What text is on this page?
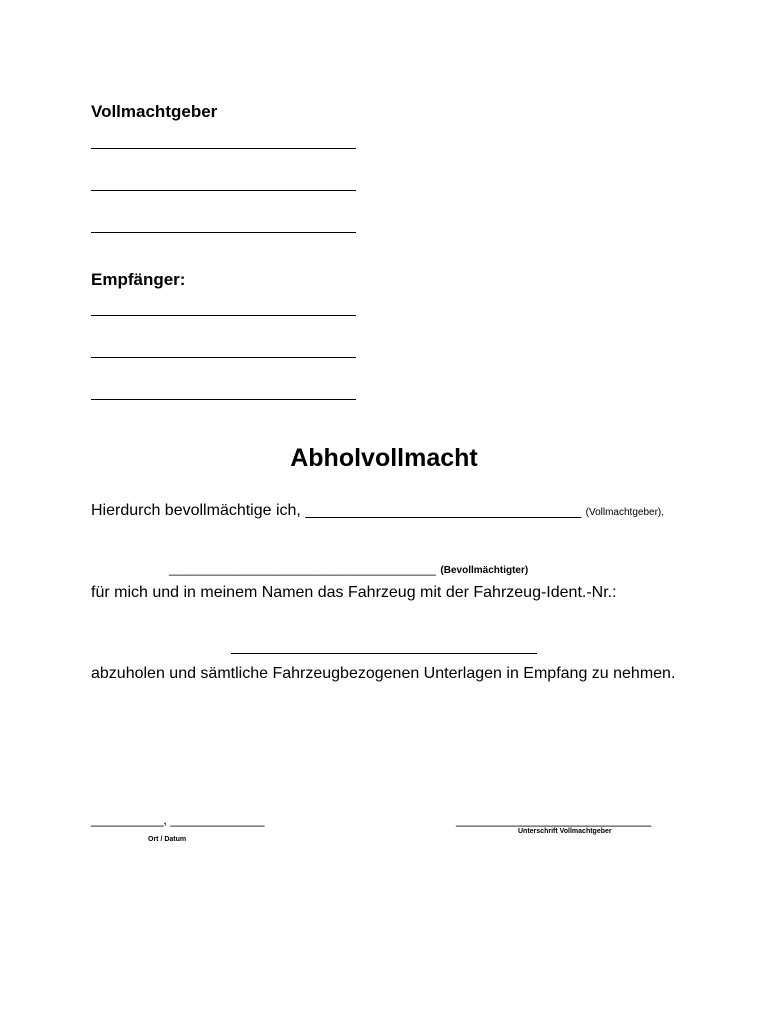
Vollmachtgeber
Empfänger:
Abholvollmacht
Hierdurch bevollmächtige ich, _______________________________ (Vollmachtgeber),
________________________________________ (Bevollmächtigter)
für mich und in meinem Namen das Fahrzeug mit der Fahrzeug-Ident.-Nr.:
abzuholen und sämtliche Fahrzeugbezogenen Unterlagen in Empfang zu nehmen.
__________, _____________
Ort / Datum
___________________________
Unterschrift Vollmachtgeber
